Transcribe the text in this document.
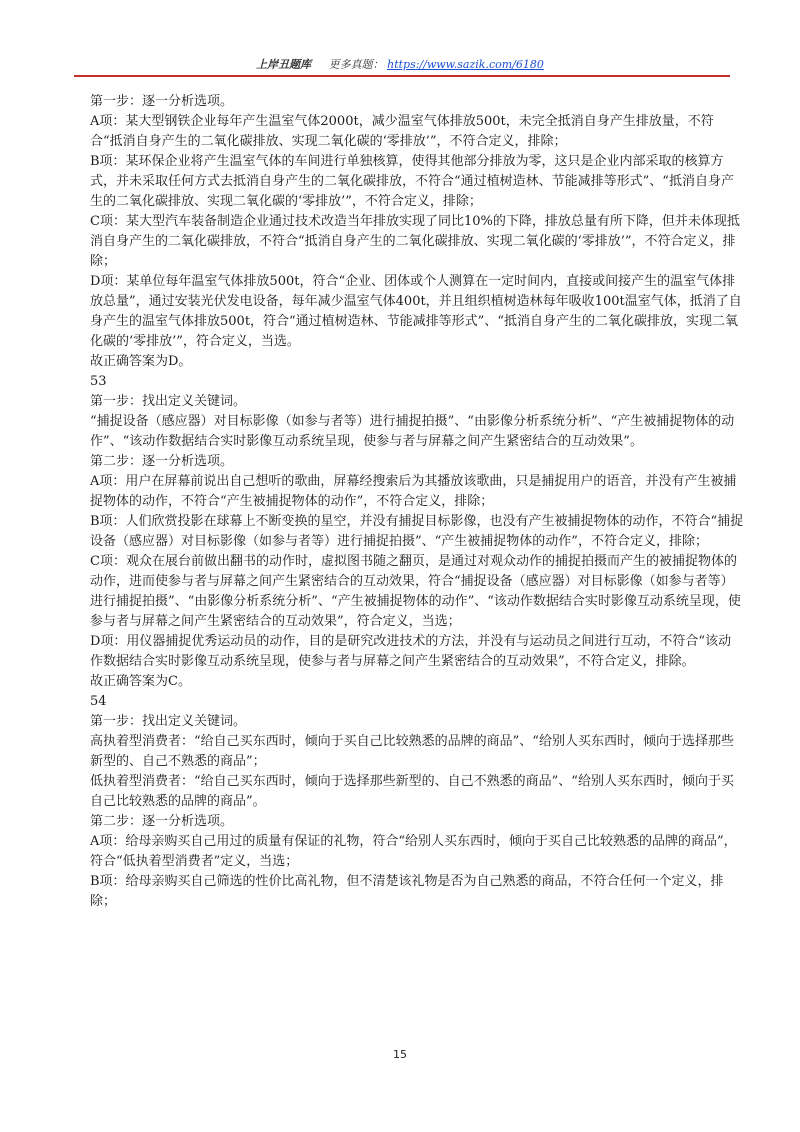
上岸丑题库 更多真题： https://www.sazik.com/6180

第一步：逐一分析选项。

A项：某大型钢铁企业每年产生温室气体2000t，减少温室气体排放500t，未完全抵消自身产生排放量，不符合“抵消自身产生的二氧化碳排放、实现二氧化碳的‘零排放’”，不符合定义，排除；

B项：某环保企业将产生温室气体的车间进行单独核算，使得其他部分排放为零，这只是企业内部采取的核算方式，并未采取任何方式去抵消自身产生的二氧化碳排放，不符合“通过植树造林、节能减排等形式”、“抵消自身产生的二氧化碳排放、实现二氧化碳的‘零排放’”，不符合定义，排除；

C项：某大型汽车装备制造企业通过技术改造当年排放实现了同比10%的下降，排放总量有所下降，但并未体现抵消自身产生的二氧化碳排放，不符合“抵消自身产生的二氧化碳排放、实现二氧化碳的‘零排放’”，不符合定义，排除；

D项：某单位每年温室气体排放500t，符合“企业、团体或个人测算在一定时间内，直接或间接产生的温室气体排放总量”，通过安装光伏发电设备，每年减少温室气体400t，并且组织植树造林每年吸收100t温室气体，抵消了自身产生的温室气体排放500t，符合“通过植树造林、节能减排等形式”、“抵消自身产生的二氧化碳排放，实现二氧化碳的‘零排放’”，符合定义，当选。

故正确答案为D。

53

第一步：找出定义关键词。

“捕捉设备（感应器）对目标影像（如参与者等）进行捕捉拍摄”、“由影像分析系统分析”、“产生被捕捉物体的动作”、“该动作数据结合实时影像互动系统呈现，使参与者与屏幕之间产生紧密结合的互动效果”。

第二步：逐一分析选项。

A项：用户在屏幕前说出自己想听的歌曲，屏幕经搜索后为其播放该歌曲，只是捕捉用户的语音，并没有产生被捕捉物体的动作，不符合“产生被捕捉物体的动作”，不符合定义，排除；

B项：人们欣赏投影在球幕上不断变换的星空，并没有捕捉目标影像，也没有产生被捕捉物体的动作，不符合“捕捉设备（感应器）对目标影像（如参与者等）进行捕捉拍摄”、“产生被捕捉物体的动作”，不符合定义，排除；

C项：观众在展台前做出翻书的动作时，虚拟图书随之翻页，是通过对观众动作的捕捉拍摄而产生的被捕捉物体的动作，进而使参与者与屏幕之间产生紧密结合的互动效果，符合“捕捉设备（感应器）对目标影像（如参与者等）进行捕捉拍摄”、“由影像分析系统分析”、“产生被捕捉物体的动作”、“该动作数据结合实时影像互动系统呈现，使参与者与屏幕之间产生紧密结合的互动效果”，符合定义，当选；

D项：用仪器捕捉优秀运动员的动作，目的是研究改进技术的方法，并没有与运动员之间进行互动，不符合“该动作数据结合实时影像互动系统呈现，使参与者与屏幕之间产生紧密结合的互动效果”，不符合定义，排除。

故正确答案为C。

54

第一步：找出定义关键词。

高执着型消费者：“给自己买东西时，倾向于买自己比较熟悉的品牌的商品”、“给别人买东西时，倾向于选择那些新型的、自己不熟悉的商品”；

低执着型消费者：“给自己买东西时，倾向于选择那些新型的、自己不熟悉的商品”、“给别人买东西时，倾向于买自己比较熟悉的品牌的商品”。

第二步：逐一分析选项。

A项：给母亲购买自己用过的质量有保证的礼物，符合“给别人买东西时，倾向于买自己比较熟悉的品牌的商品”，符合“低执着型消费者”定义，当选；

B项：给母亲购买自己筛选的性价比高礼物，但不清楚该礼物是否为自己熟悉的商品，不符合任何一个定义，排除；

15
